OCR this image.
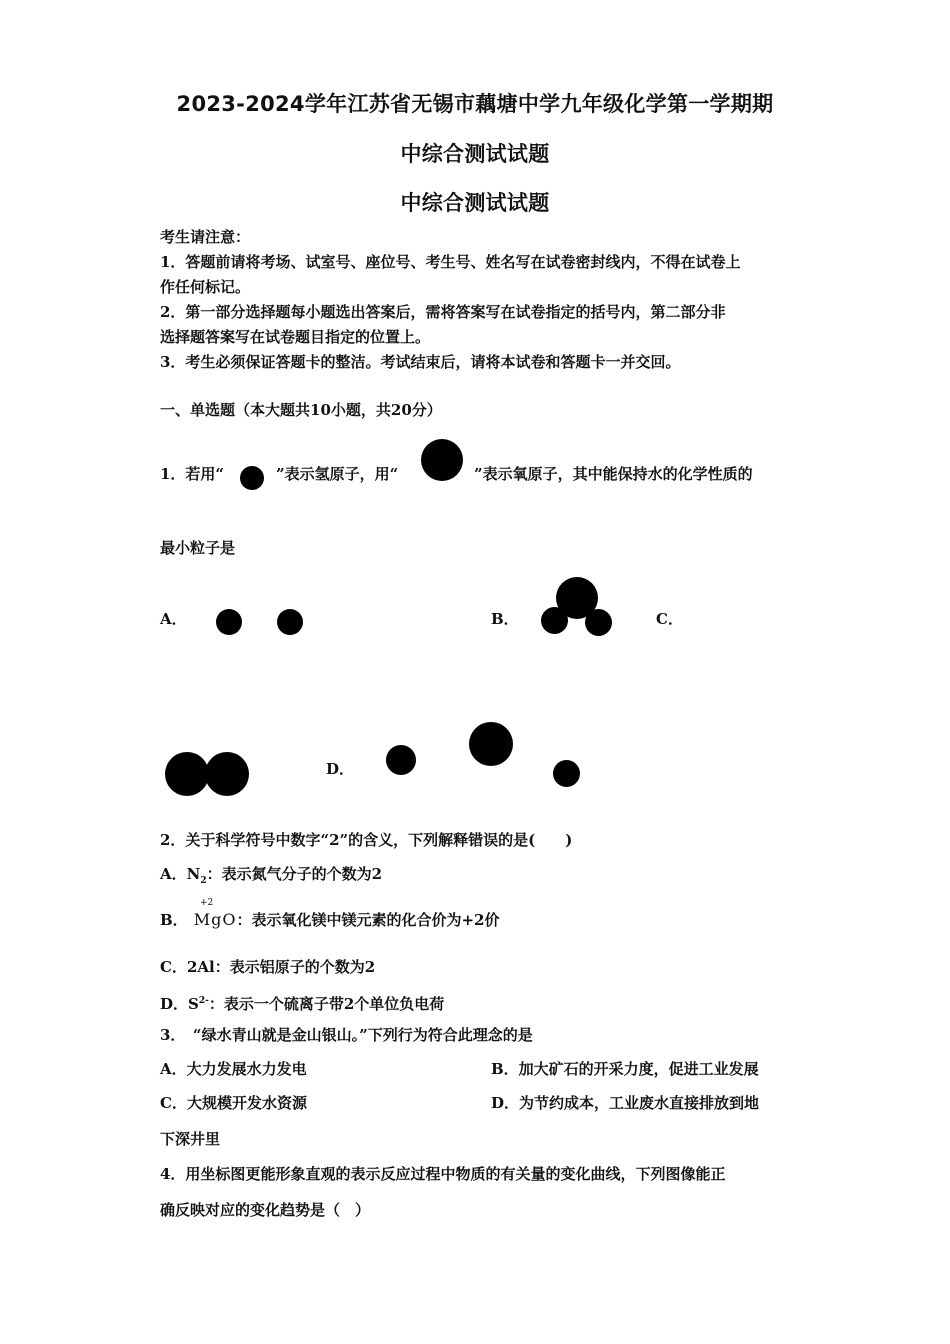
2023-2024学年江苏省无锡市藕塘中学九年级化学第一学期期
中综合测试试题
中综合测试试题
考生请注意：
1．答题前请将考场、试室号、座位号、考生号、姓名写在试卷密封线内，不得在试卷上
作任何标记。
2．第一部分选择题每小题选出答案后，需将答案写在试卷指定的括号内，第二部分非
选择题答案写在试卷题目指定的位置上。
3．考生必须保证答题卡的整洁。考试结束后，请将本试卷和答题卡一并交回。
一、单选题（本大题共10小题，共20分）
1．若用“	”表示氢原子，用“	”表示氧原子，其中能保持水的化学性质的
最小粒子是
A．	B．	C．
D．
2．关于科学符号中数字“2”的含义，下列解释错误的是(　　)
A．$N_2$：表示氮气分子的个数为2
B． MgO：表示氧化镁中镁元素的化合价为+2价
+2
C．2Al：表示铝原子的个数为2
D．$S^{2-}$：表示一个硫离子带2个单位负电荷
3．　“绿水青山就是金山银山。”下列行为符合此理念的是
A．大力发展水力发电	B．加大矿石的开采力度，促进工业发展
C．大规模开发水资源	D．为节约成本，工业废水直接排放到地
下深井里
4．用坐标图更能形象直观的表示反应过程中物质的有关量的变化曲线，下列图像能正
确反映对应的变化趋势是（　）
